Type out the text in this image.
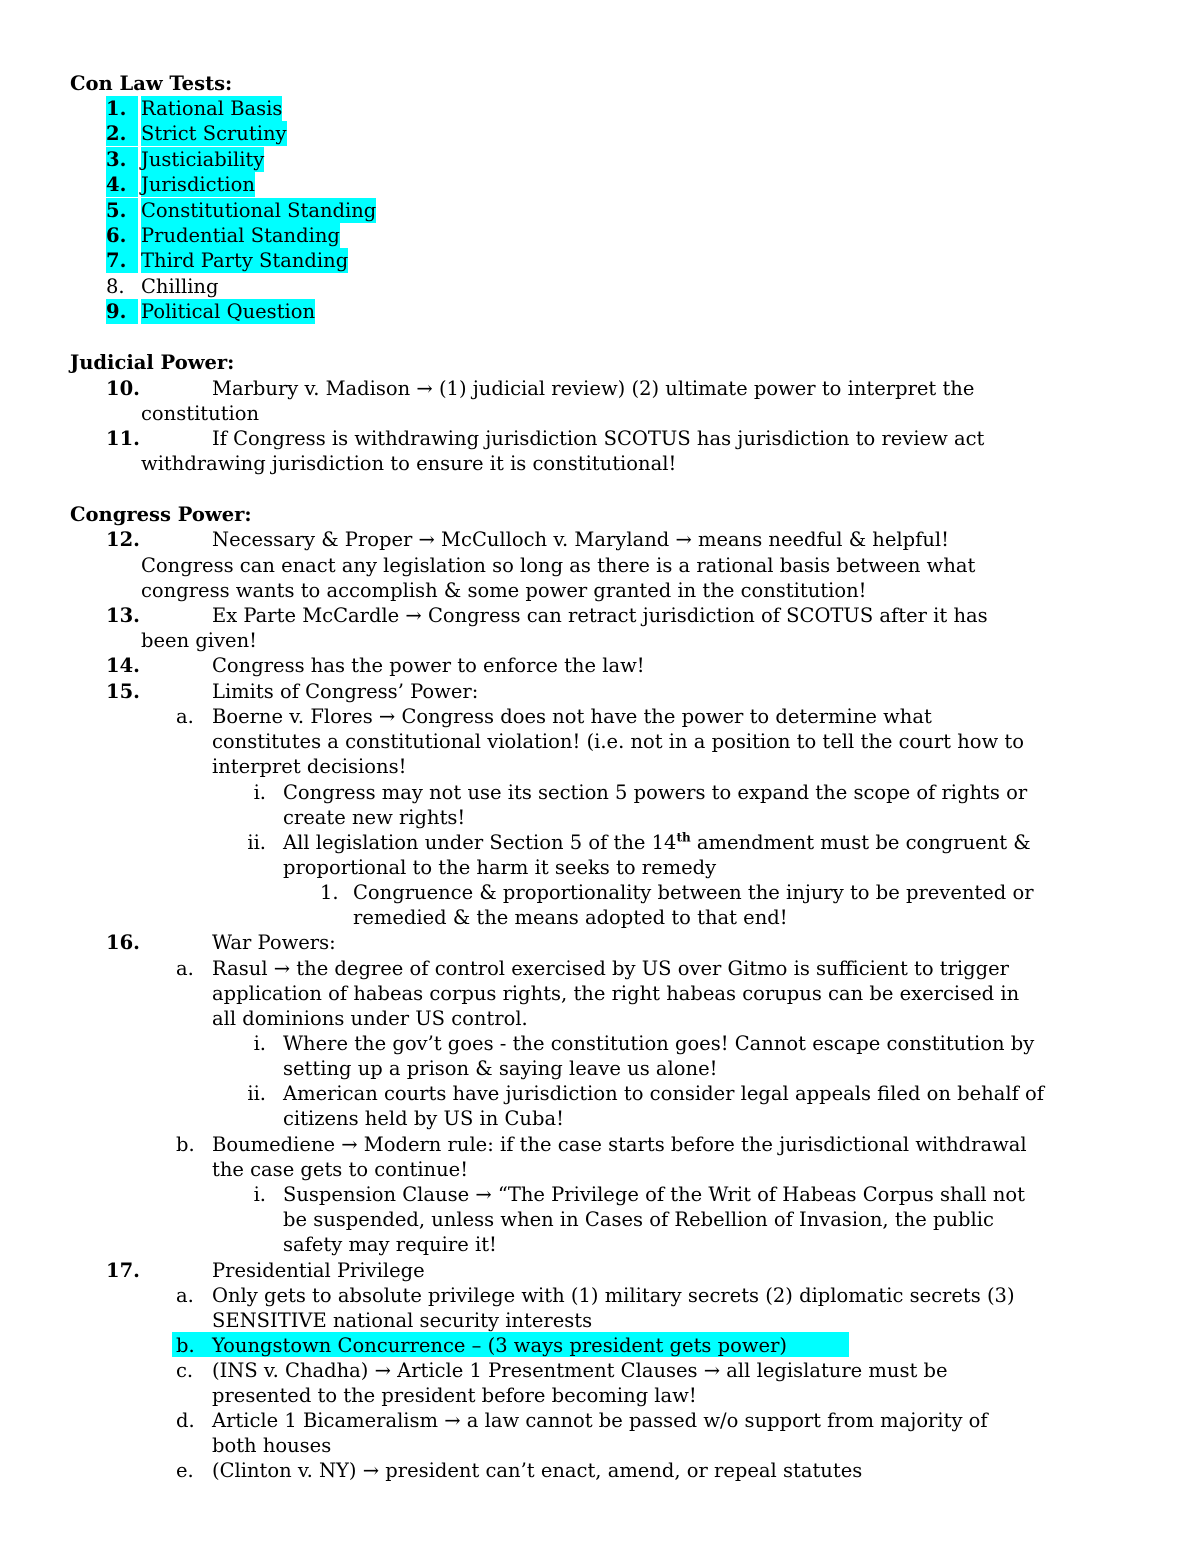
Con Law Tests:
1. Rational Basis
2. Strict Scrutiny
3. Justiciability
4. Jurisdiction
5. Constitutional Standing
6. Prudential Standing
7. Third Party Standing
8. Chilling
9. Political Question
Judicial Power:
10.	Marbury v. Madison → (1) judicial review) (2) ultimate power to interpret the
constitution
11.	If Congress is withdrawing jurisdiction SCOTUS has jurisdiction to review act
withdrawing jurisdiction to ensure it is constitutional!
Congress Power:
12.	Necessary & Proper → McCulloch v. Maryland → means needful & helpful!
Congress can enact any legislation so long as there is a rational basis between what
congress wants to accomplish & some power granted in the constitution!
13.	Ex Parte McCardle → Congress can retract jurisdiction of SCOTUS after it has
been given!
14.	Congress has the power to enforce the law!
15.	Limits of Congress’ Power:
a. Boerne v. Flores → Congress does not have the power to determine what
constitutes a constitutional violation! (i.e. not in a position to tell the court how to
interpret decisions!
i. Congress may not use its section 5 powers to expand the scope of rights or
create new rights!
ii. All legislation under Section 5 of the 14th amendment must be congruent &
proportional to the harm it seeks to remedy
1. Congruence & proportionality between the injury to be prevented or
remedied & the means adopted to that end!
16.	War Powers:
a. Rasul → the degree of control exercised by US over Gitmo is sufficient to trigger
application of habeas corpus rights, the right habeas corupus can be exercised in
all dominions under US control.
i. Where the gov’t goes - the constitution goes! Cannot escape constitution by
setting up a prison & saying leave us alone!
ii. American courts have jurisdiction to consider legal appeals filed on behalf of
citizens held by US in Cuba!
b. Boumediene → Modern rule: if the case starts before the jurisdictional withdrawal
the case gets to continue!
i. Suspension Clause → “The Privilege of the Writ of Habeas Corpus shall not
be suspended, unless when in Cases of Rebellion of Invasion, the public
safety may require it!
17.	Presidential Privilege
a. Only gets to absolute privilege with (1) military secrets (2) diplomatic secrets (3)
SENSITIVE national security interests
b. Youngstown Concurrence – (3 ways president gets power)
c. (INS v. Chadha) → Article 1 Presentment Clauses → all legislature must be
presented to the president before becoming law!
d. Article 1 Bicameralism → a law cannot be passed w/o support from majority of
both houses
e. (Clinton v. NY) → president can’t enact, amend, or repeal statutes
